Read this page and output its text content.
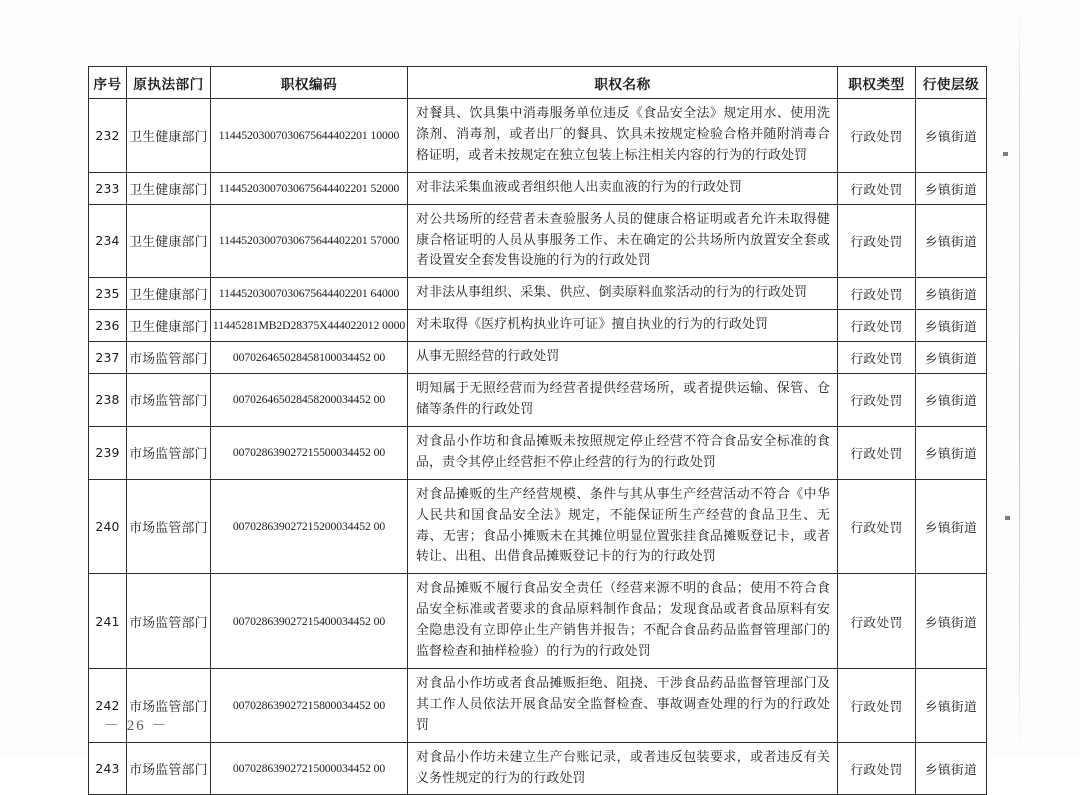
序号	原执法部门	职权编码	职权名称	职权类型	行使层级
232	卫生健康部门	11445203007030675644402201 10000	对餐具、饮具集中消毒服务单位违反《食品安全法》规定用水、使用洗涤剂、消毒剂，或者出厂的餐具、饮具未按规定检验合格并随附消毒合格证明，或者未按规定在独立包装上标注相关内容的行为的行政处罚	行政处罚	乡镇街道
233	卫生健康部门	11445203007030675644402201 52000	对非法采集血液或者组织他人出卖血液的行为的行政处罚	行政处罚	乡镇街道
234	卫生健康部门	11445203007030675644402201 57000	对公共场所的经营者未查验服务人员的健康合格证明或者允许未取得健康合格证明的人员从事服务工作、未在确定的公共场所内放置安全套或者设置安全套发售设施的行为的行政处罚	行政处罚	乡镇街道
235	卫生健康部门	11445203007030675644402201 64000	对非法从事组织、采集、供应、倒卖原料血浆活动的行为的行政处罚	行政处罚	乡镇街道
236	卫生健康部门	11445281MB2D28375X444022012 0000	对未取得《医疗机构执业许可证》擅自执业的行为的行政处罚	行政处罚	乡镇街道
237	市场监管部门	007026465028458100034452 00	从事无照经营的行政处罚	行政处罚	乡镇街道
238	市场监管部门	007026465028458200034452 00	明知属于无照经营而为经营者提供经营场所，或者提供运输、保管、仓储等条件的行政处罚	行政处罚	乡镇街道
239	市场监管部门	007028639027215500034452 00	对食品小作坊和食品摊贩未按照规定停止经营不符合食品安全标准的食品，责令其停止经营拒不停止经营的行为的行政处罚	行政处罚	乡镇街道
240	市场监管部门	007028639027215200034452 00	对食品摊贩的生产经营规模、条件与其从事生产经营活动不符合《中华人民共和国食品安全法》规定，不能保证所生产经营的食品卫生、无毒、无害；食品小摊贩未在其摊位明显位置张挂食品摊贩登记卡，或者转让、出租、出借食品摊贩登记卡的行为的行政处罚	行政处罚	乡镇街道
241	市场监管部门	007028639027215400034452 00	对食品摊贩不履行食品安全责任（经营来源不明的食品；使用不符合食品安全标准或者要求的食品原料制作食品；发现食品或者食品原料有安全隐患没有立即停止生产销售并报告；不配合食品药品监督管理部门的监督检查和抽样检验）的行为的行政处罚	行政处罚	乡镇街道
242	市场监管部门	007028639027215800034452 00	对食品小作坊或者食品摊贩拒绝、阻挠、干涉食品药品监督管理部门及其工作人员依法开展食品安全监督检查、事故调查处理的行为的行政处罚	行政处罚	乡镇街道
243	市场监管部门	007028639027215000034452 00	对食品小作坊未建立生产台账记录，或者违反包装要求，或者违反有关义务性规定的行为的行政处罚	行政处罚	乡镇街道
－ 26 －
